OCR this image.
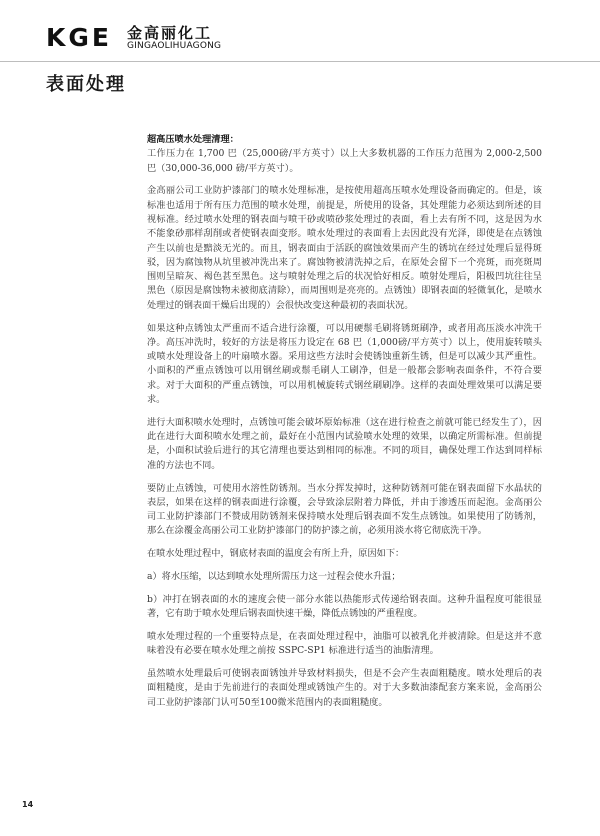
KGE 金高丽化工
GINGAOLIHUAGONG
表面处理

超高压喷水处理清理：

工作压力在 1,700 巴（25,000磅/平方英寸）以上大多数机器的工作压力范围为 2,000-2,500 巴（30,000-36,000 磅/平方英寸）。

金高丽公司工业防护漆部门的喷水处理标准，是按使用超高压喷水处理设备而确定的。但是，该标准也适用于所有压力范围的喷水处理，前提是，所使用的设备，其处理能力必须达到所述的目视标准。经过喷水处理的钢表面与喷干砂或喷砂浆处理过的表面，看上去有所不同，这是因为水不能象砂那样刮削或者使钢表面变形。喷水处理过的表面看上去因此没有光泽，即使是在点锈蚀产生以前也是黯淡无光的。而且，钢表面由于活跃的腐蚀效果而产生的锈坑在经过处理后显得斑驳，因为腐蚀物从坑里被冲洗出来了。腐蚀物被清洗掉之后，在原处会留下一个亮斑，而亮斑周围则呈暗灰、褐色甚至黑色。这与喷射处理之后的状况恰好相反。喷射处理后，阳极凹坑往往呈黑色（原因是腐蚀物未被彻底清除），而周围则是亮亮的。点锈蚀）即钢表面的轻微氧化，是喷水处理过的钢表面干燥后出现的）会很快改变这种最初的表面状况。

如果这种点锈蚀太严重而不适合进行涂覆，可以用硬鬃毛刷将锈斑刷净，或者用高压淡水冲洗干净。高压冲洗时，较好的方法是将压力设定在 68 巴（1,000磅/平方英寸）以上，使用旋转喷头或喷水处理设备上的叶扇喷水器。采用这些方法时会使锈蚀重新生锈，但是可以减少其严重性。小面积的严重点锈蚀可以用钢丝刷或鬃毛刷人工刷净，但是一般都会影响表面条件，不符合要求。对于大面积的严重点锈蚀，可以用机械旋转式钢丝刷刷净。这样的表面处理效果可以满足要求。

进行大面积喷水处理时，点锈蚀可能会破坏原始标准（这在进行检查之前就可能已经发生了），因此在进行大面积喷水处理之前，最好在小范围内试验喷水处理的效果，以确定所需标准。但前提是，小面积试验后进行的其它清理也要达到相同的标准。不同的项目，确保处理工作达到同样标准的方法也不同。

要防止点锈蚀，可使用水溶性防锈剂。当水分挥发掉时，这种防锈剂可能在钢表面留下水晶状的表层，如果在这样的钢表面进行涂覆，会导致涂层附着力降低，并由于渗透压而起泡。金高丽公司工业防护漆部门不赞成用防锈剂来保持喷水处理后钢表面不发生点锈蚀。如果使用了防锈剂，那么在涂覆金高丽公司工业防护漆部门的防护漆之前，必须用淡水将它彻底洗干净。

在喷水处理过程中，钢底材表面的温度会有所上升，原因如下：

a）将水压缩，以达到喷水处理所需压力这一过程会使水升温；

b）冲打在钢表面的水的速度会使一部分水能以热能形式传递给钢表面。这种升温程度可能很显著，它有助于喷水处理后钢表面快速干燥，降低点锈蚀的严重程度。

喷水处理过程的一个重要特点是，在表面处理过程中，油脂可以被乳化并被清除。但是这并不意味着没有必要在喷水处理之前按 SSPC-SP1 标准进行适当的油脂清理。

虽然喷水处理最后可使钢表面锈蚀并导致材料损失，但是不会产生表面粗糙度。喷水处理后的表面粗糙度，是由于先前进行的表面处理或锈蚀产生的。对于大多数油漆配套方案来说，金高丽公司工业防护漆部门认可50至100微米范围内的表面粗糙度。

14
